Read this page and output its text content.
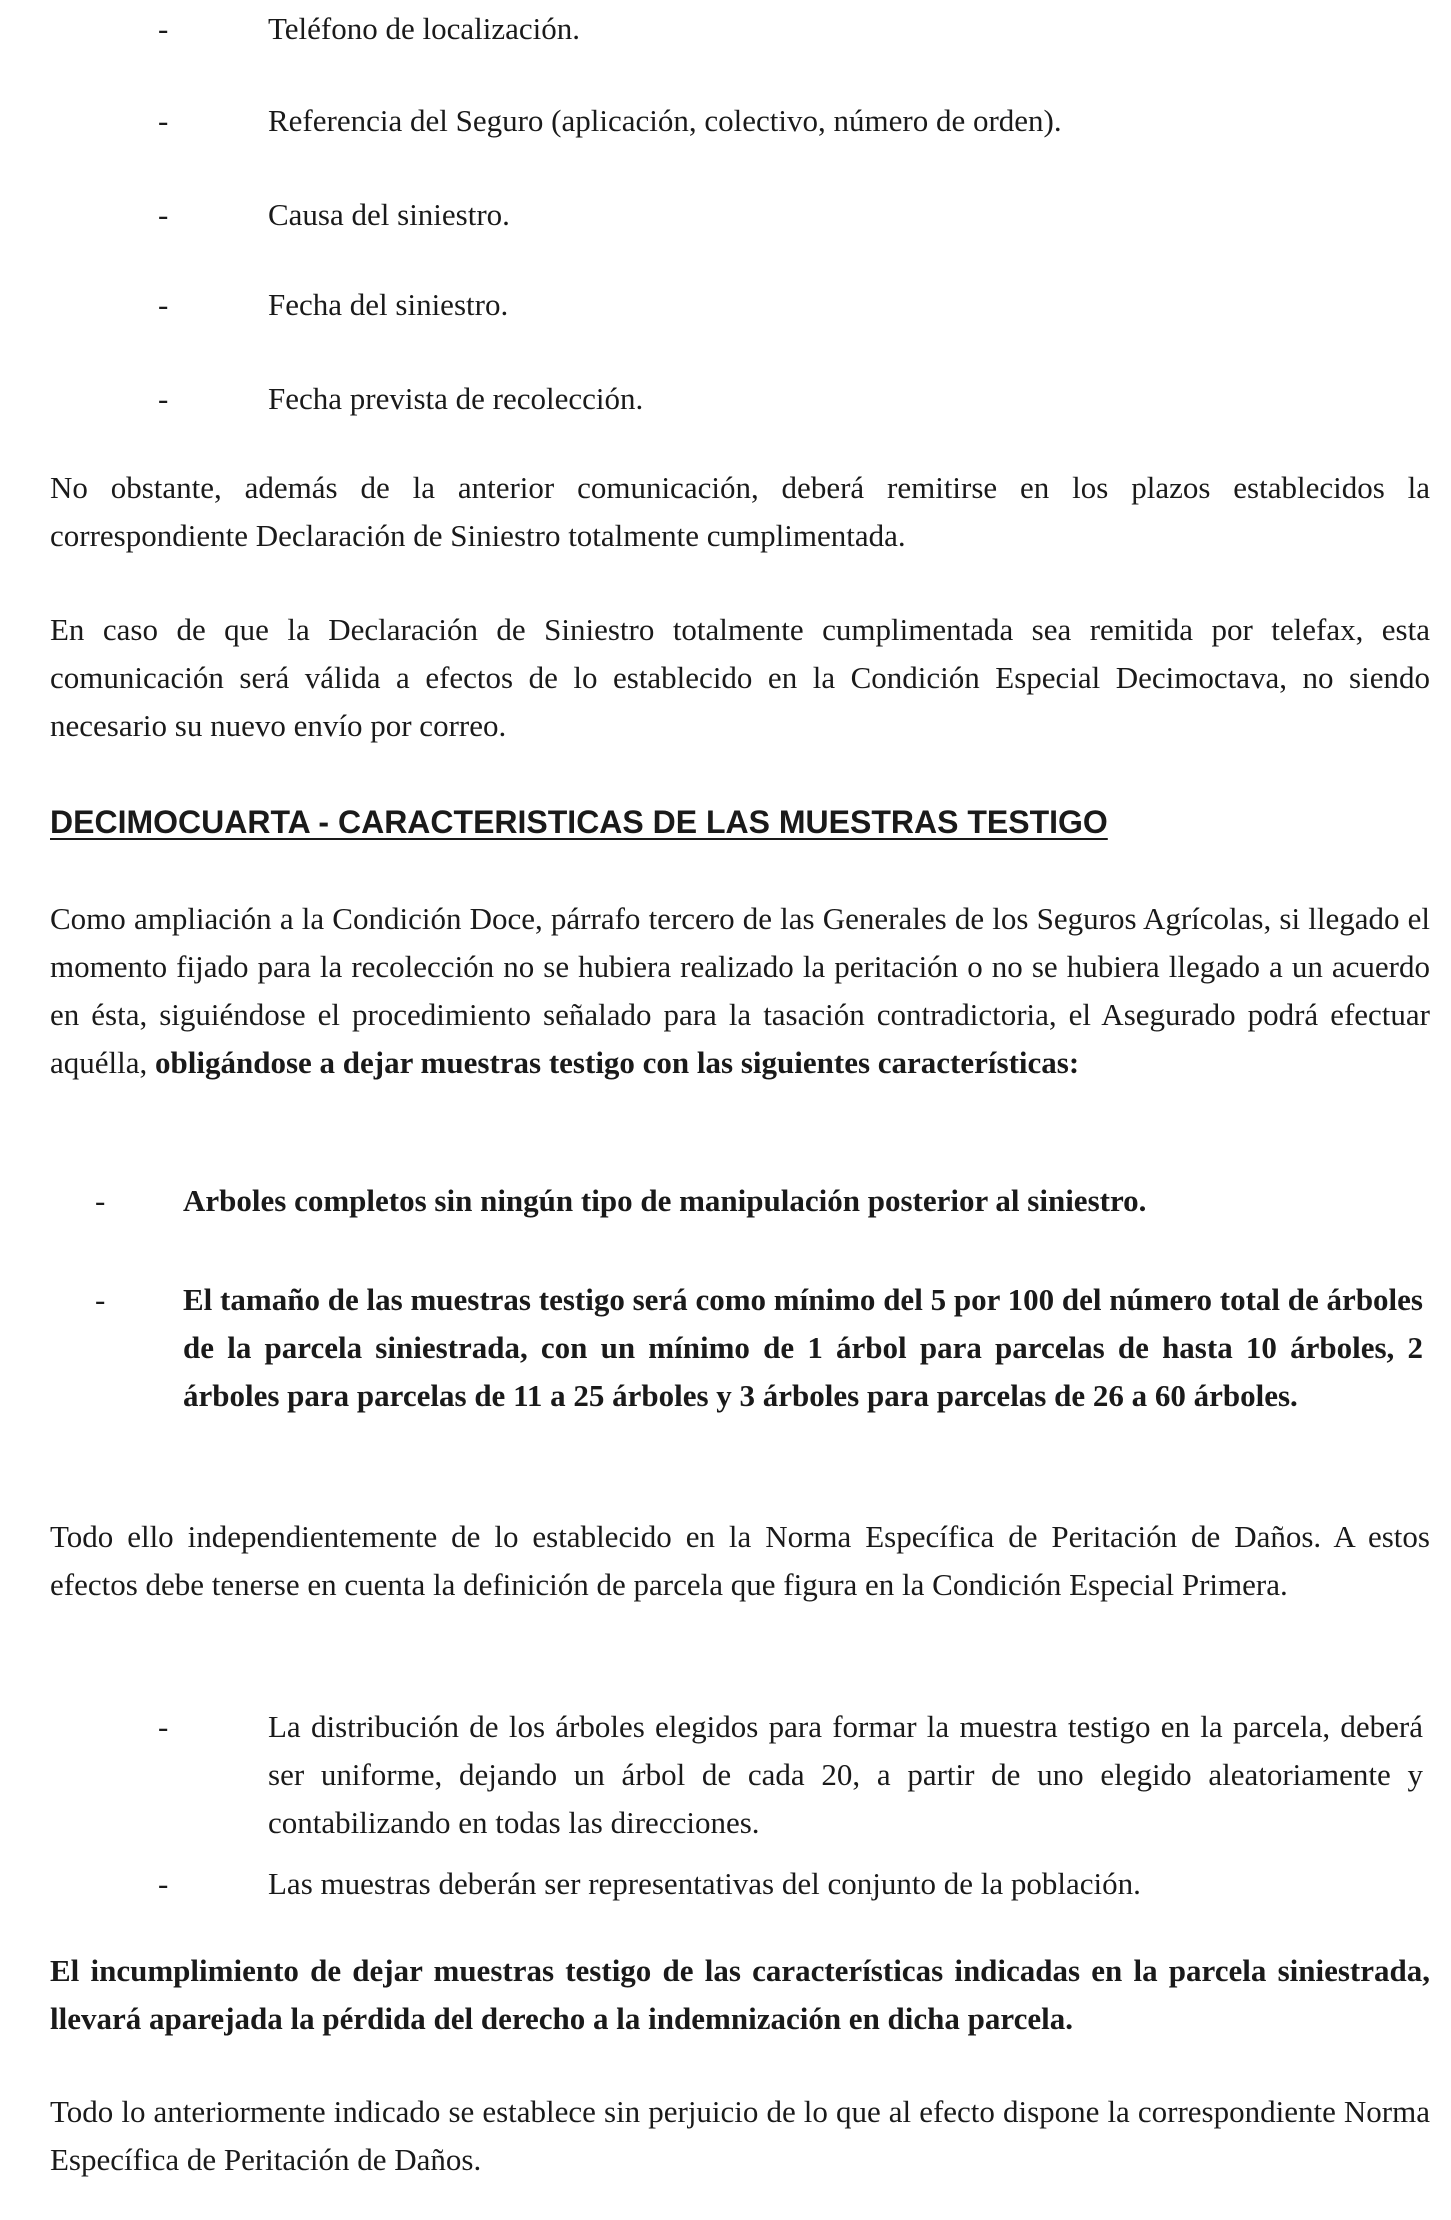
-	Teléfono de localización.
-	Referencia del Seguro (aplicación, colectivo, número de orden).
-	Causa del siniestro.
-	Fecha del siniestro.
-	Fecha prevista de recolección.
No obstante, además de la anterior comunicación, deberá remitirse en los plazos establecidos la correspondiente Declaración de Siniestro totalmente cumplimentada.
En caso de que la Declaración de Siniestro totalmente cumplimentada sea remitida por telefax, esta comunicación será válida a efectos de lo establecido en la Condición Especial Decimoctava, no siendo necesario su nuevo envío por correo.
DECIMOCUARTA - CARACTERISTICAS DE LAS MUESTRAS TESTIGO
Como ampliación a la Condición Doce, párrafo tercero de las Generales de los Seguros Agrícolas, si llegado el momento fijado para la recolección no se hubiera realizado la peritación o no se hubiera llegado a un acuerdo en ésta, siguiéndose el procedimiento señalado para la tasación contradictoria, el Asegurado podrá efectuar aquélla, obligándose a dejar muestras testigo con las siguientes características:
-	Arboles completos sin ningún tipo de manipulación posterior al siniestro.
-	El tamaño de las muestras testigo será como mínimo del 5 por 100 del número total de árboles de la parcela siniestrada, con un mínimo de 1 árbol para parcelas de hasta 10 árboles, 2 árboles para parcelas de 11 a 25 árboles y 3 árboles para parcelas de 26 a 60 árboles.
Todo ello independientemente de lo establecido en la Norma Específica de Peritación de Daños. A estos efectos debe tenerse en cuenta la definición de parcela que figura en la Condición Especial Primera.
-	La distribución de los árboles elegidos para formar la muestra testigo en la parcela, deberá ser uniforme, dejando un árbol de cada 20, a partir de uno elegido aleatoriamente y contabilizando en todas las direcciones.
-	Las muestras deberán ser representativas del conjunto de la población.
El incumplimiento de dejar muestras testigo de las características indicadas en la parcela siniestrada, llevará aparejada la pérdida del derecho a la indemnización en dicha parcela.
Todo lo anteriormente indicado se establece sin perjuicio de lo que al efecto dispone la correspondiente Norma Específica de Peritación de Daños.
